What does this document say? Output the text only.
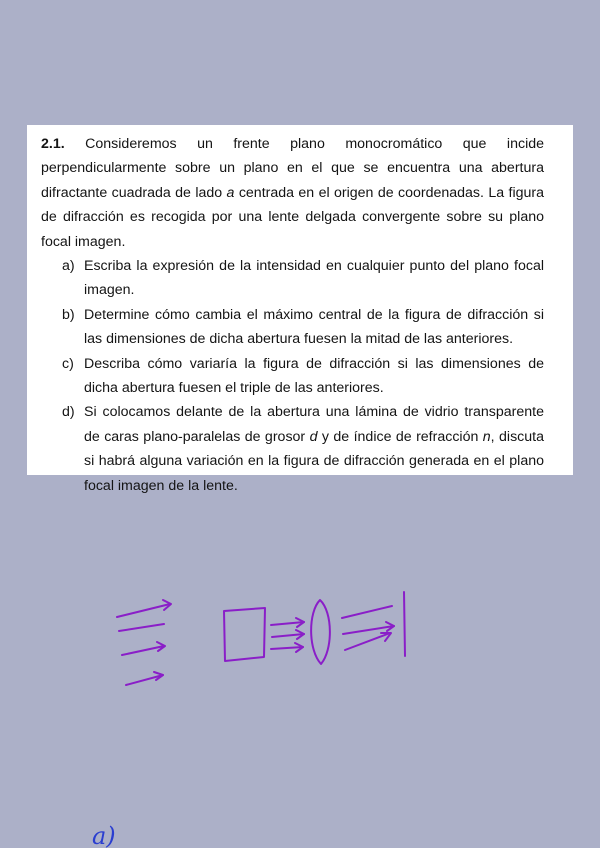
2.1. Consideremos un frente plano monocromático que incide perpendicularmente sobre un plano en el que se encuentra una abertura difractante cuadrada de lado a centrada en el origen de coordenadas. La figura de difracción es recogida por una lente delgada convergente sobre su plano focal imagen.
a) Escriba la expresión de la intensidad en cualquier punto del plano focal imagen.
b) Determine cómo cambia el máximo central de la figura de difracción si las dimensiones de dicha abertura fuesen la mitad de las anteriores.
c) Describa cómo variaría la figura de difracción si las dimensiones de dicha abertura fuesen el triple de las anteriores.
d) Si colocamos delante de la abertura una lámina de vidrio transparente de caras plano-paralelas de grosor d y de índice de refracción n, discuta si habrá alguna variación en la figura de difracción generada en el plano focal imagen de la lente.
a)
